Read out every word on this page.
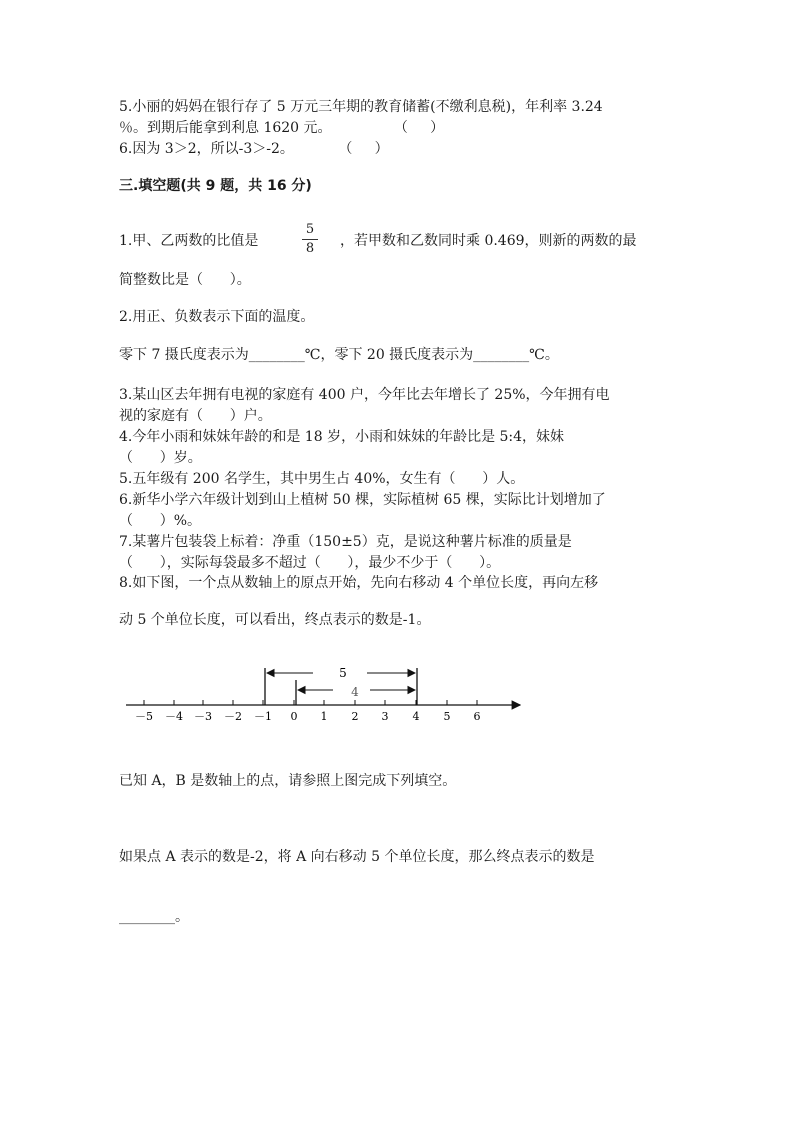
5.小丽的妈妈在银行存了 5 万元三年期的教育储蓄(不缴利息税)，年利率 3.24
％。到期后能拿到利息 1620 元。              （     ）
6.因为 3＞2，所以-3＞-2。          （     ）
三.填空题(共 9 题，共 16 分)
1.甲、乙两数的比值是
5
8	，若甲数和乙数同时乘 0.469，则新的两数的最
简整数比是（      ）。
2.用正、负数表示下面的温度。
零下 7 摄氏度表示为________℃，零下 20 摄氏度表示为________℃。
3.某山区去年拥有电视的家庭有 400 户，今年比去年增长了 25%，今年拥有电
视的家庭有（      ）户。
4.今年小雨和妹妹年龄的和是 18 岁，小雨和妹妹的年龄比是 5:4，妹妹
（      ）岁。
5.五年级有 200 名学生，其中男生占 40%，女生有（      ）人。
6.新华小学六年级计划到山上植树 50 棵，实际植树 65 棵，实际比计划增加了
（      ）%。
7.某薯片包装袋上标着：净重（150±5）克，是说这种薯片标准的质量是
（      ），实际每袋最多不超过（      ），最少不少于（      ）。
8.如下图，一个点从数轴上的原点开始，先向右移动 4 个单位长度，再向左移
动 5 个单位长度，可以看出，终点表示的数是-1。
－5 －4 －3 －2 －1 0 1 2 3 4 5 6
5
4
已知 A，B 是数轴上的点，请参照上图完成下列填空。
如果点 A 表示的数是-2，将 A 向右移动 5 个单位长度，那么终点表示的数是
________。
